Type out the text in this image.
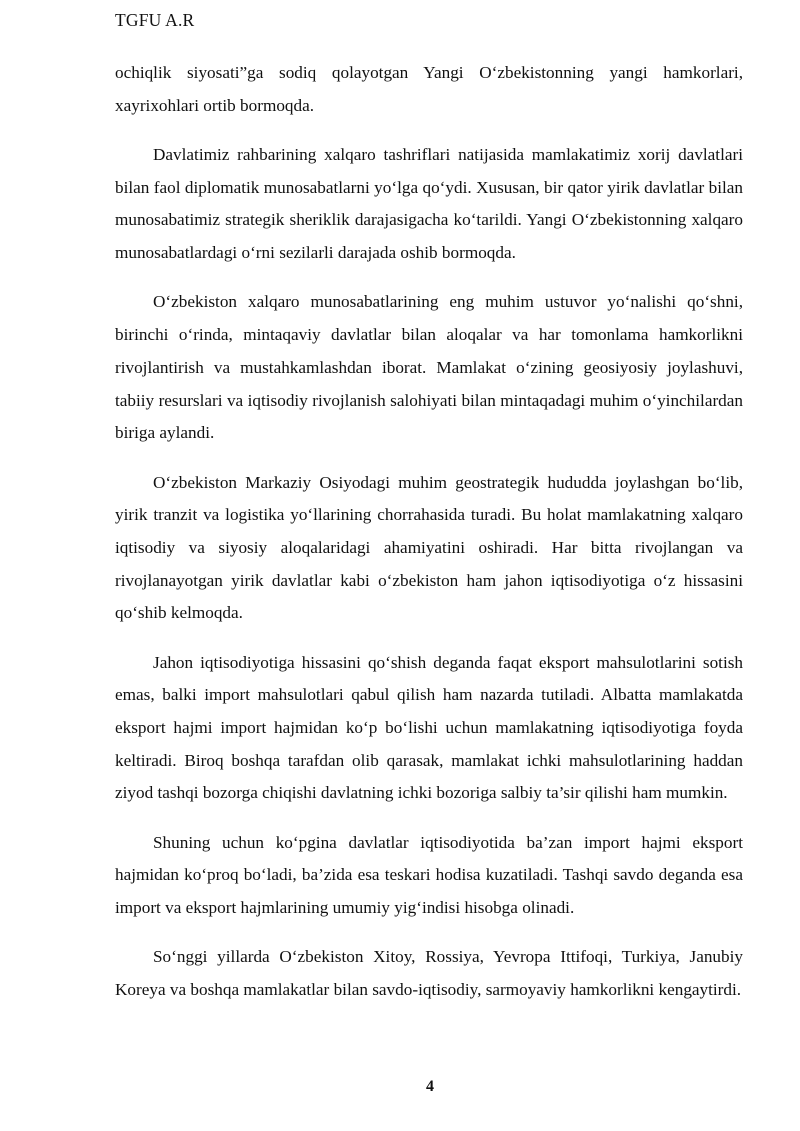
TGFU A.R

ochiqlik siyosati”ga sodiq qolayotgan Yangi O‘zbekistonning yangi hamkorlari, xayrixohlari ortib bormoqda.

Davlatimiz rahbarining xalqaro tashriflari natijasida mamlakatimiz xorij davlatlari bilan faol diplomatik munosabatlarni yo‘lga qo‘ydi. Xususan, bir qator yirik davlatlar bilan munosabatimiz strategik sheriklik darajasigacha ko‘tarildi. Yangi O‘zbekistonning xalqaro munosabatlardagi o‘rni sezilarli darajada oshib bormoqda.

O‘zbekiston xalqaro munosabatlarining eng muhim ustuvor yo‘nalishi qo‘shni, birinchi o‘rinda, mintaqaviy davlatlar bilan aloqalar va har tomonlama hamkorlikni rivojlantirish va mustahkamlashdan iborat. Mamlakat o‘zining geosiyosiy joylashuvi, tabiiy resurslari va iqtisodiy rivojlanish salohiyati bilan mintaqadagi muhim o‘yinchilardan biriga aylandi.

O‘zbekiston Markaziy Osiyodagi muhim geostrategik hududda joylashgan bo‘lib, yirik tranzit va logistika yo‘llarining chorrahasida turadi. Bu holat mamlakatning xalqaro iqtisodiy va siyosiy aloqalaridagi ahamiyatini oshiradi. Har bitta rivojlangan va rivojlanayotgan yirik davlatlar kabi o‘zbekiston ham jahon iqtisodiyotiga o‘z hissasini qo‘shib kelmoqda.

Jahon iqtisodiyotiga hissasini qo‘shish deganda faqat eksport mahsulotlarini sotish emas, balki import mahsulotlari qabul qilish ham nazarda tutiladi. Albatta mamlakatda eksport hajmi import hajmidan ko‘p bo‘lishi uchun mamlakatning iqtisodiyotiga foyda keltiradi. Biroq boshqa tarafdan olib qarasak, mamlakat ichki mahsulotlarining haddan ziyod tashqi bozorga chiqishi davlatning ichki bozoriga salbiy ta’sir qilishi ham mumkin.

Shuning uchun ko‘pgina davlatlar iqtisodiyotida ba’zan import hajmi eksport hajmidan ko‘proq bo‘ladi, ba’zida esa teskari hodisa kuzatiladi. Tashqi savdo deganda esa import va eksport hajmlarining umumiy yig‘indisi hisobga olinadi.

So‘nggi yillarda O‘zbekiston Xitoy, Rossiya, Yevropa Ittifoqi, Turkiya, Janubiy Koreya va boshqa mamlakatlar bilan savdo-iqtisodiy, sarmoyaviy hamkorlikni kengaytirdi.

4
